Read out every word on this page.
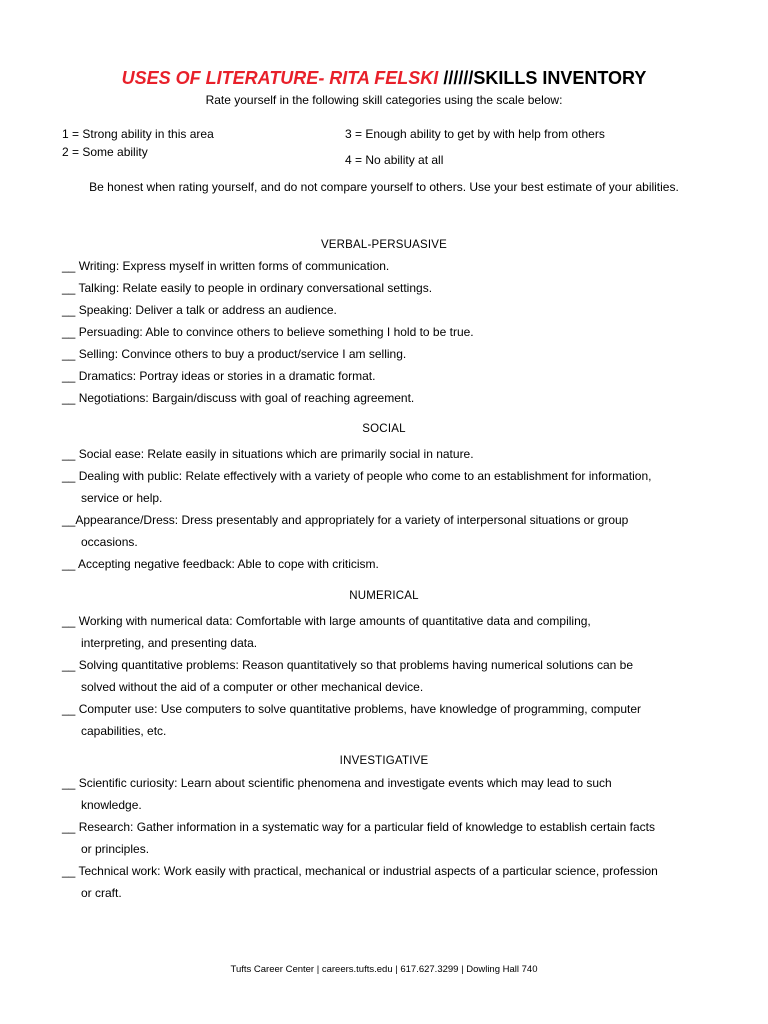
USES OF LITERATURE- RITA FELSKI //////SKILLS INVENTORY
Rate yourself in the following skill categories using the scale below:
1 = Strong ability in this area
2 = Some ability
3 = Enough ability to get by with help from others
4 = No ability at all
Be honest when rating yourself, and do not compare yourself to others. Use your best estimate of your abilities.
VERBAL-PERSUASIVE
__ Writing: Express myself in written forms of communication.
__ Talking: Relate easily to people in ordinary conversational settings.
__ Speaking: Deliver a talk or address an audience.
__ Persuading: Able to convince others to believe something I hold to be true.
__ Selling: Convince others to buy a product/service I am selling.
__ Dramatics: Portray ideas or stories in a dramatic format.
__ Negotiations: Bargain/discuss with goal of reaching agreement.
SOCIAL
__ Social ease: Relate easily in situations which are primarily social in nature.
__ Dealing with public: Relate effectively with a variety of people who come to an establishment for information,
service or help.
__Appearance/Dress: Dress presentably and appropriately for a variety of interpersonal situations or group
occasions.
__ Accepting negative feedback: Able to cope with criticism.
NUMERICAL
__ Working with numerical data: Comfortable with large amounts of quantitative data and compiling,
interpreting, and presenting data.
__ Solving quantitative problems: Reason quantitatively so that problems having numerical solutions can be
solved without the aid of a computer or other mechanical device.
__ Computer use: Use computers to solve quantitative problems, have knowledge of programming, computer
capabilities, etc.
INVESTIGATIVE
__ Scientific curiosity: Learn about scientific phenomena and investigate events which may lead to such
knowledge.
__ Research: Gather information in a systematic way for a particular field of knowledge to establish certain facts
or principles.
__ Technical work: Work easily with practical, mechanical or industrial aspects of a particular science, profession
or craft.
Tufts Career Center | careers.tufts.edu | 617.627.3299 | Dowling Hall 740
